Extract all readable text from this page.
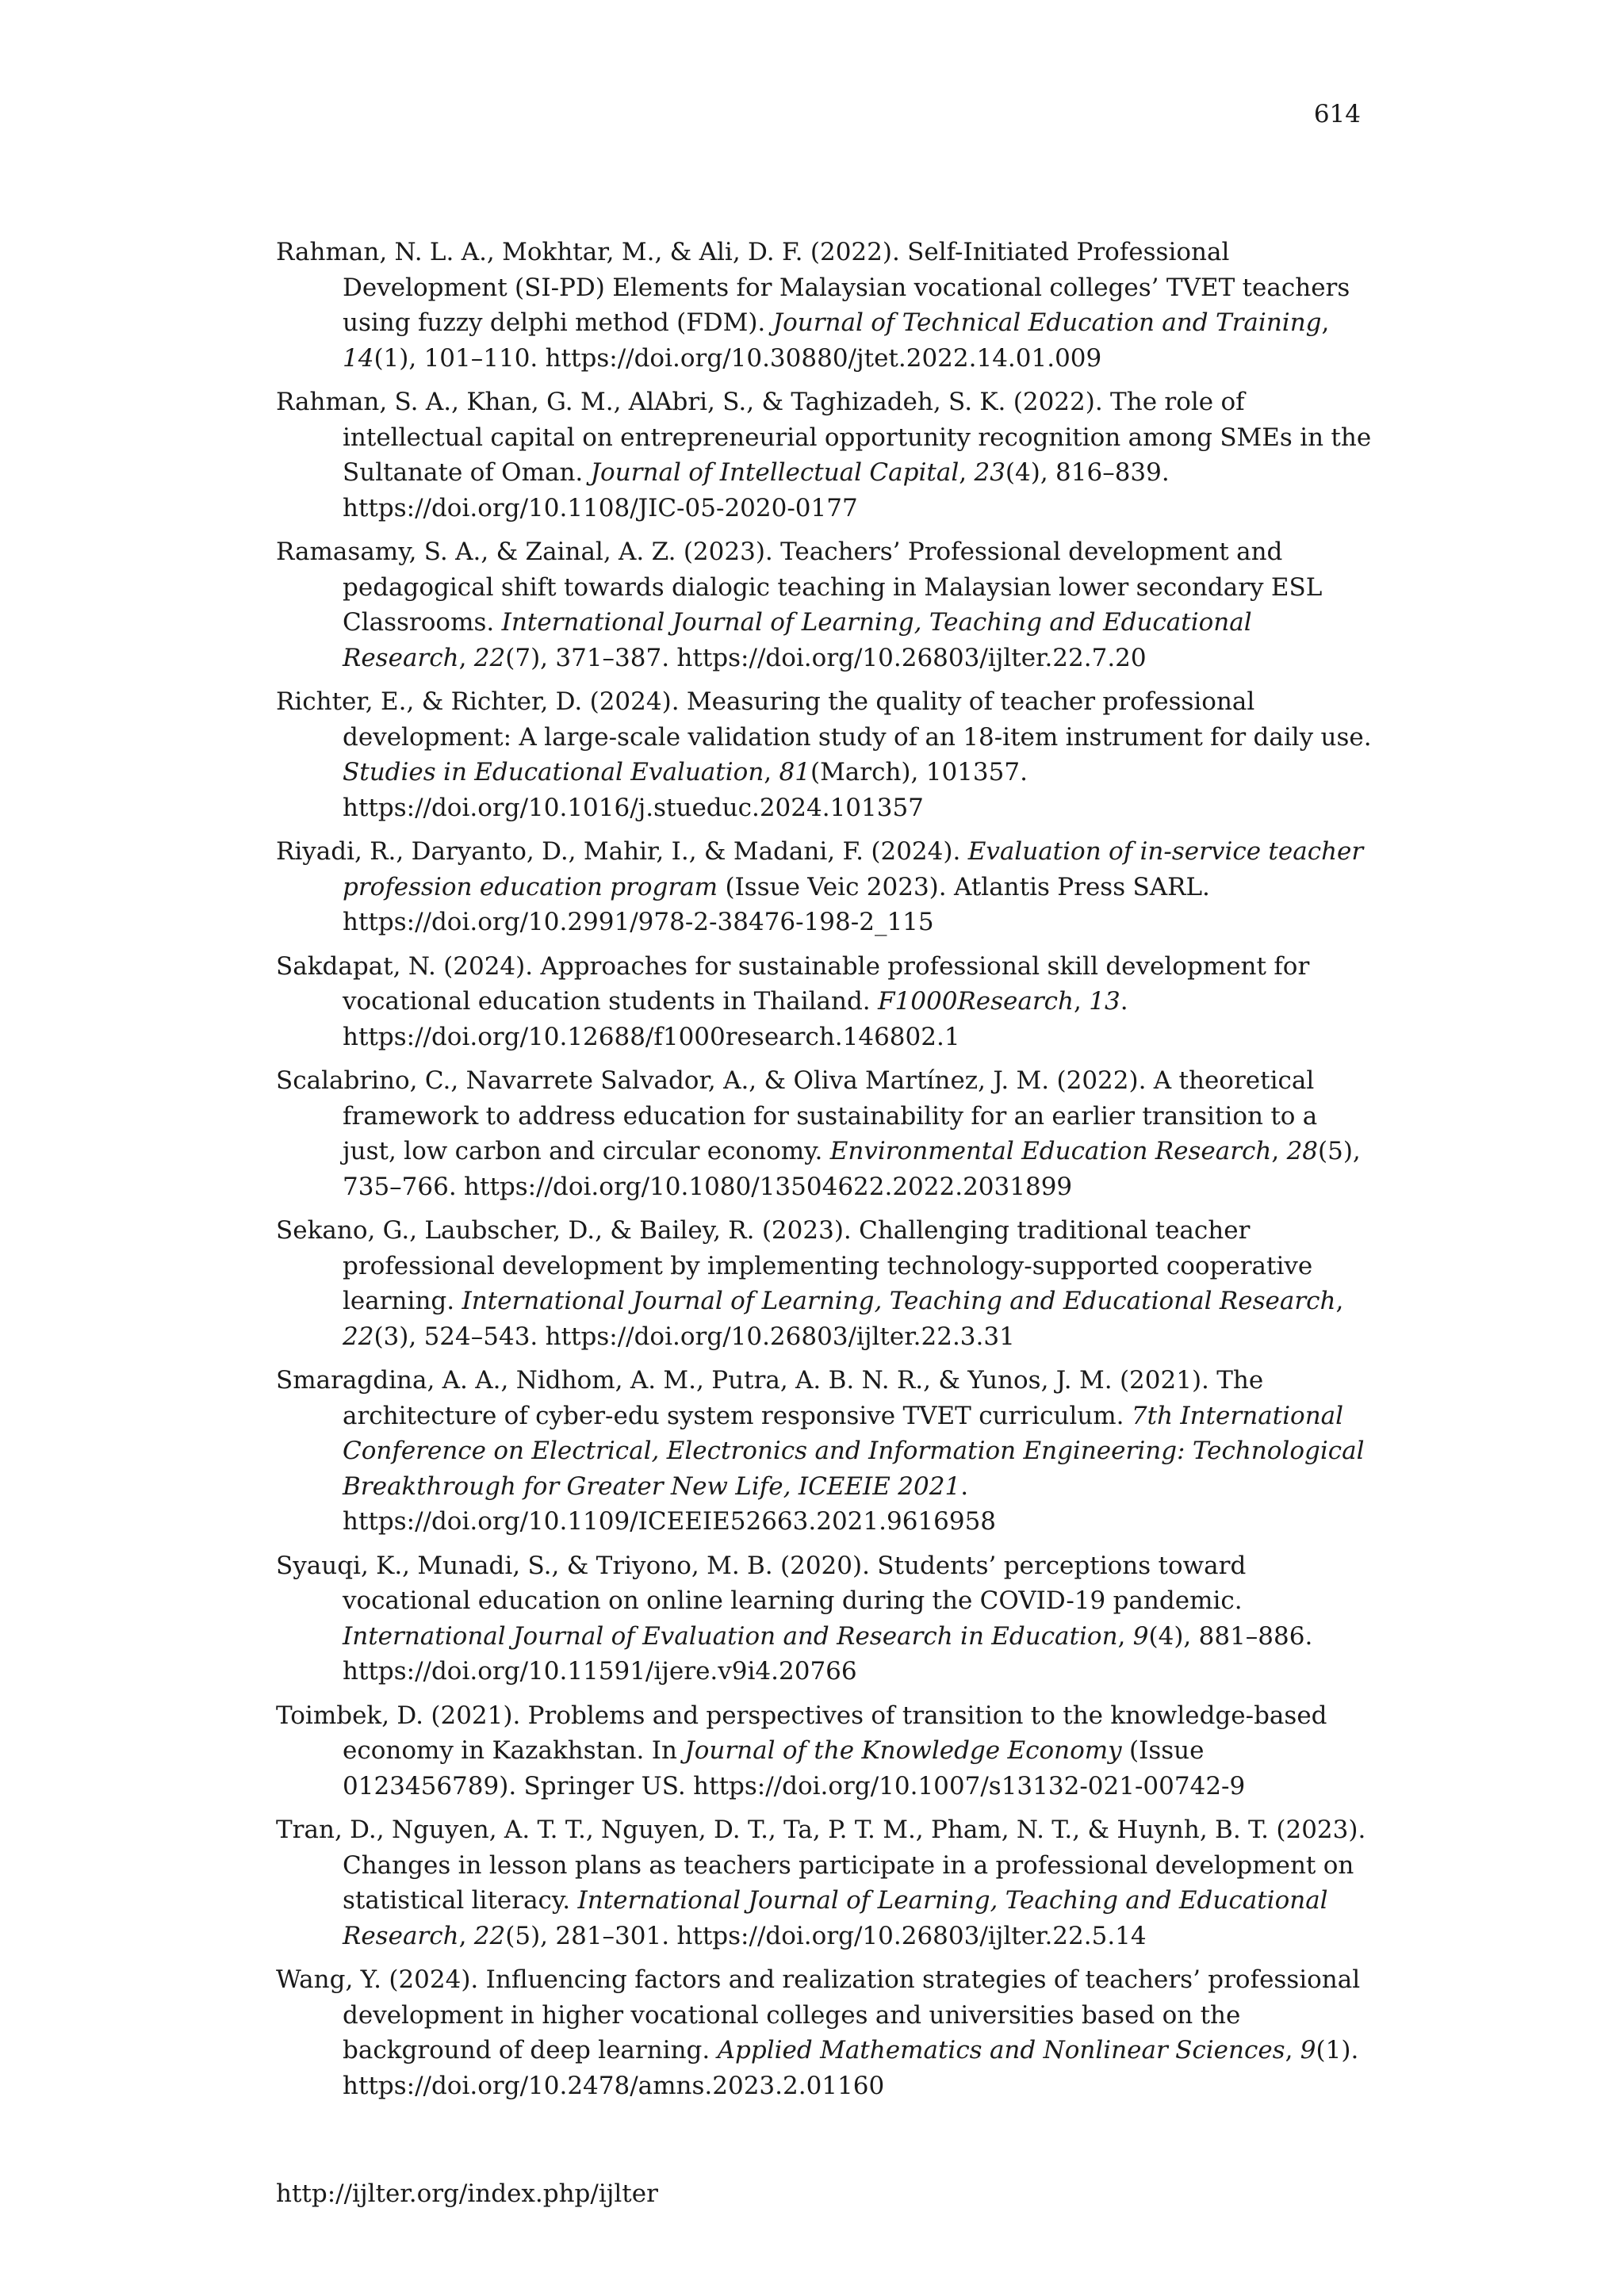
614
Rahman, N. L. A., Mokhtar, M., & Ali, D. F. (2022). Self-Initiated Professional Development (SI-PD) Elements for Malaysian vocational colleges’ TVET teachers using fuzzy delphi method (FDM). Journal of Technical Education and Training, 14(1), 101–110. https://doi.org/10.30880/jtet.2022.14.01.009
Rahman, S. A., Khan, G. M., AlAbri, S., & Taghizadeh, S. K. (2022). The role of intellectual capital on entrepreneurial opportunity recognition among SMEs in the Sultanate of Oman. Journal of Intellectual Capital, 23(4), 816–839. https://doi.org/10.1108/JIC-05-2020-0177
Ramasamy, S. A., & Zainal, A. Z. (2023). Teachers’ Professional development and pedagogical shift towards dialogic teaching in Malaysian lower secondary ESL Classrooms. International Journal of Learning, Teaching and Educational Research, 22(7), 371–387. https://doi.org/10.26803/ijlter.22.7.20
Richter, E., & Richter, D. (2024). Measuring the quality of teacher professional development: A large-scale validation study of an 18-item instrument for daily use. Studies in Educational Evaluation, 81(March), 101357. https://doi.org/10.1016/j.stueduc.2024.101357
Riyadi, R., Daryanto, D., Mahir, I., & Madani, F. (2024). Evaluation of in-service teacher profession education program (Issue Veic 2023). Atlantis Press SARL. https://doi.org/10.2991/978-2-38476-198-2_115
Sakdapat, N. (2024). Approaches for sustainable professional skill development for vocational education students in Thailand. F1000Research, 13. https://doi.org/10.12688/f1000research.146802.1
Scalabrino, C., Navarrete Salvador, A., & Oliva Martínez, J. M. (2022). A theoretical framework to address education for sustainability for an earlier transition to a just, low carbon and circular economy. Environmental Education Research, 28(5), 735–766. https://doi.org/10.1080/13504622.2022.2031899
Sekano, G., Laubscher, D., & Bailey, R. (2023). Challenging traditional teacher professional development by implementing technology-supported cooperative learning. International Journal of Learning, Teaching and Educational Research, 22(3), 524–543. https://doi.org/10.26803/ijlter.22.3.31
Smaragdina, A. A., Nidhom, A. M., Putra, A. B. N. R., & Yunos, J. M. (2021). The architecture of cyber-edu system responsive TVET curriculum. 7th International Conference on Electrical, Electronics and Information Engineering: Technological Breakthrough for Greater New Life, ICEEIE 2021. https://doi.org/10.1109/ICEEIE52663.2021.9616958
Syauqi, K., Munadi, S., & Triyono, M. B. (2020). Students’ perceptions toward vocational education on online learning during the COVID-19 pandemic. International Journal of Evaluation and Research in Education, 9(4), 881–886. https://doi.org/10.11591/ijere.v9i4.20766
Toimbek, D. (2021). Problems and perspectives of transition to the knowledge-based economy in Kazakhstan. In Journal of the Knowledge Economy (Issue 0123456789). Springer US. https://doi.org/10.1007/s13132-021-00742-9
Tran, D., Nguyen, A. T. T., Nguyen, D. T., Ta, P. T. M., Pham, N. T., & Huynh, B. T. (2023). Changes in lesson plans as teachers participate in a professional development on statistical literacy. International Journal of Learning, Teaching and Educational Research, 22(5), 281–301. https://doi.org/10.26803/ijlter.22.5.14
Wang, Y. (2024). Influencing factors and realization strategies of teachers’ professional development in higher vocational colleges and universities based on the background of deep learning. Applied Mathematics and Nonlinear Sciences, 9(1). https://doi.org/10.2478/amns.2023.2.01160
http://ijlter.org/index.php/ijlter
